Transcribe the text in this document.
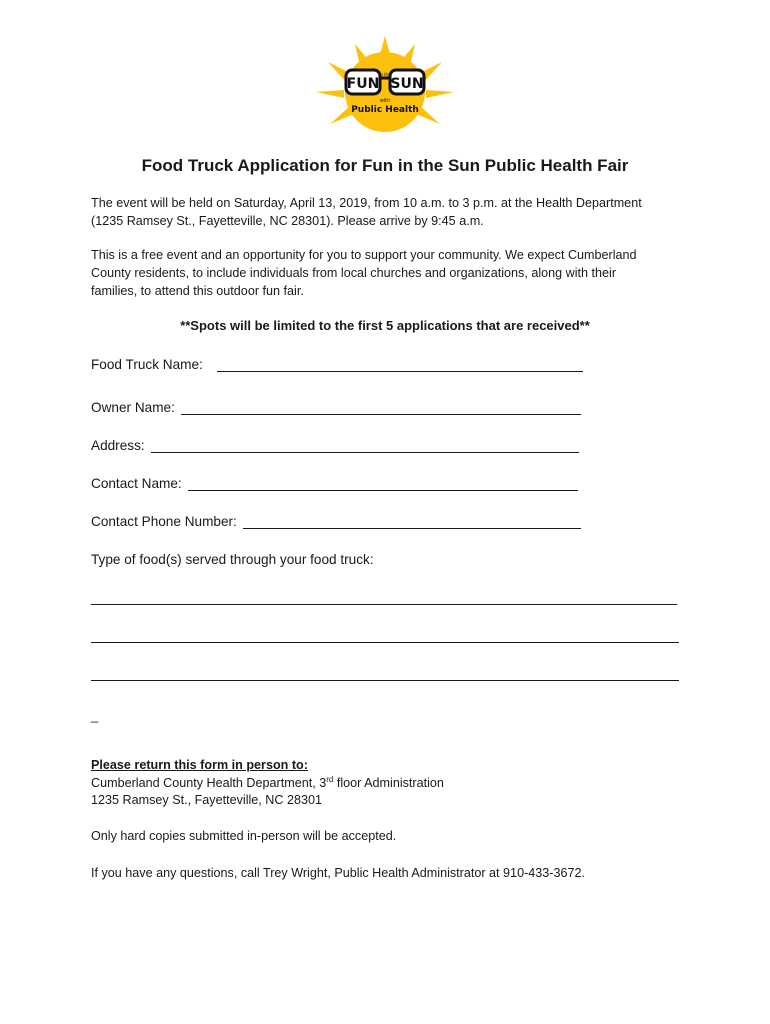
FUN
in the
SUN
with
Public Health
Food Truck Application for Fun in the Sun Public Health Fair
The event will be held on Saturday, April 13, 2019, from 10 a.m. to 3 p.m. at the Health Department
(1235 Ramsey St., Fayetteville, NC 28301). Please arrive by 9:45 a.m.
This is a free event and an opportunity for you to support your community. We expect Cumberland
County residents, to include individuals from local churches and organizations, along with their
families, to attend this outdoor fun fair.
**Spots will be limited to the first 5 applications that are received**
Food Truck Name:
Owner Name:
Address:
Contact Name:
Contact Phone Number:
Type of food(s) served through your food truck:
_
Please return this form in person to:
Cumberland County Health Department, 3rd floor Administration
1235 Ramsey St., Fayetteville, NC 28301
Only hard copies submitted in-person will be accepted.
If you have any questions, call Trey Wright, Public Health Administrator at 910-433-3672.
